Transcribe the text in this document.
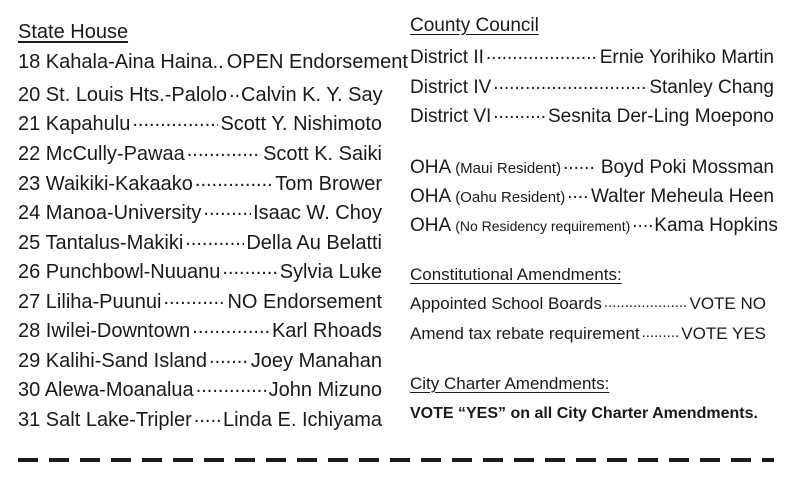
State House
18 Kahala-Aina Haina.. OPEN Endorsement
20 St. Louis Hts.-Palolo ..... Calvin K. Y. Say
21 Kapahulu .....	Scott Y. Nishimoto
22 McCully-Pawaa .....	Scott K. Saiki
23 Waikiki-Kakaako .....	Tom Brower
24 Manoa-University .....	Isaac W. Choy
25 Tantalus-Makiki .....	Della Au Belatti
26 Punchbowl-Nuuanu .....	Sylvia Luke
27 Liliha-Puunui .....	NO Endorsement
28 Iwilei-Downtown .....	Karl Rhoads
29 Kalihi-Sand Island ..... Joey Manahan
30 Alewa-Moanalua .....	John Mizuno
31 Salt Lake-Tripler ..... Linda E. Ichiyama
County Council
District II .....	Ernie Yorihiko Martin
District IV .....	Stanley Chang
District VI .....	Sesnita Der-Ling Moepono
OHA (Maui Resident) ..... Boyd Poki Mossman
OHA (Oahu Resident) ..... Walter Meheula Heen
OHA (No Residency requirement) ..... Kama Hopkins
Constitutional Amendments:
Appointed School Boards .....	VOTE NO
Amend tax rebate requirement ..... VOTE YES
City Charter Amendments:
VOTE “YES” on all City Charter Amendments.
